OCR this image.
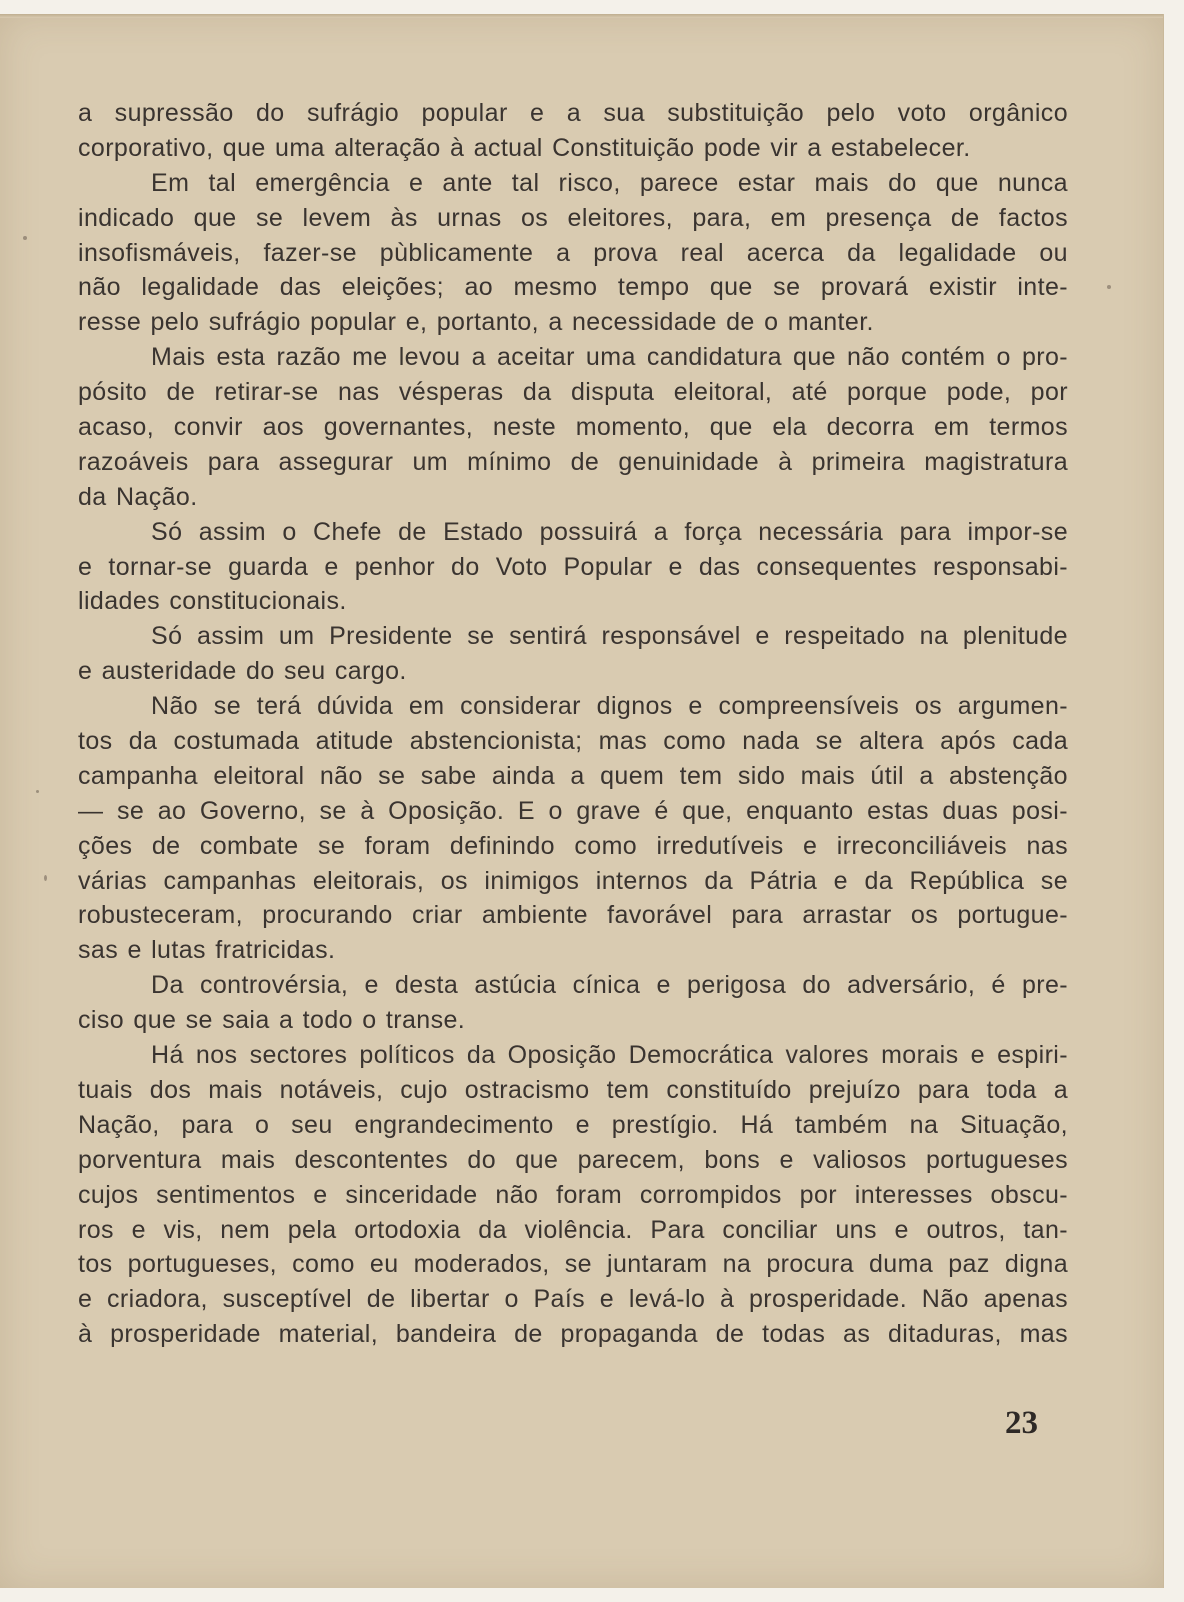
a supressão do sufrágio popular e a sua substituição pelo voto orgânico
corporativo, que uma alteração à actual Constituição pode vir a estabelecer.
Em tal emergência e ante tal risco, parece estar mais do que nunca
indicado que se levem às urnas os eleitores, para, em presença de factos
insofismáveis, fazer-se pùblicamente a prova real acerca da legalidade ou
não legalidade das eleições; ao mesmo tempo que se provará existir inte-
resse pelo sufrágio popular e, portanto, a necessidade de o manter.
Mais esta razão me levou a aceitar uma candidatura que não contém o pro-
pósito de retirar-se nas vésperas da disputa eleitoral, até porque pode, por
acaso, convir aos governantes, neste momento, que ela decorra em termos
razoáveis para assegurar um mínimo de genuinidade à primeira magistratura
da Nação.
Só assim o Chefe de Estado possuirá a força necessária para impor-se
e tornar-se guarda e penhor do Voto Popular e das consequentes responsabi-
lidades constitucionais.
Só assim um Presidente se sentirá responsável e respeitado na plenitude
e austeridade do seu cargo.
Não se terá dúvida em considerar dignos e compreensíveis os argumen-
tos da costumada atitude abstencionista; mas como nada se altera após cada
campanha eleitoral não se sabe ainda a quem tem sido mais útil a abstenção
— se ao Governo, se à Oposição. E o grave é que, enquanto estas duas posi-
ções de combate se foram definindo como irredutíveis e irreconciliáveis nas
várias campanhas eleitorais, os inimigos internos da Pátria e da República se
robusteceram, procurando criar ambiente favorável para arrastar os portugue-
sas e lutas fratricidas.
Da controvérsia, e desta astúcia cínica e perigosa do adversário, é pre-
ciso que se saia a todo o transe.
Há nos sectores políticos da Oposição Democrática valores morais e espiri-
tuais dos mais notáveis, cujo ostracismo tem constituído prejuízo para toda a
Nação, para o seu engrandecimento e prestígio. Há também na Situação,
porventura mais descontentes do que parecem, bons e valiosos portugueses
cujos sentimentos e sinceridade não foram corrompidos por interesses obscu-
ros e vis, nem pela ortodoxia da violência. Para conciliar uns e outros, tan-
tos portugueses, como eu moderados, se juntaram na procura duma paz digna
e criadora, susceptível de libertar o País e levá-lo à prosperidade. Não apenas
à prosperidade material, bandeira de propaganda de todas as ditaduras, mas
23
